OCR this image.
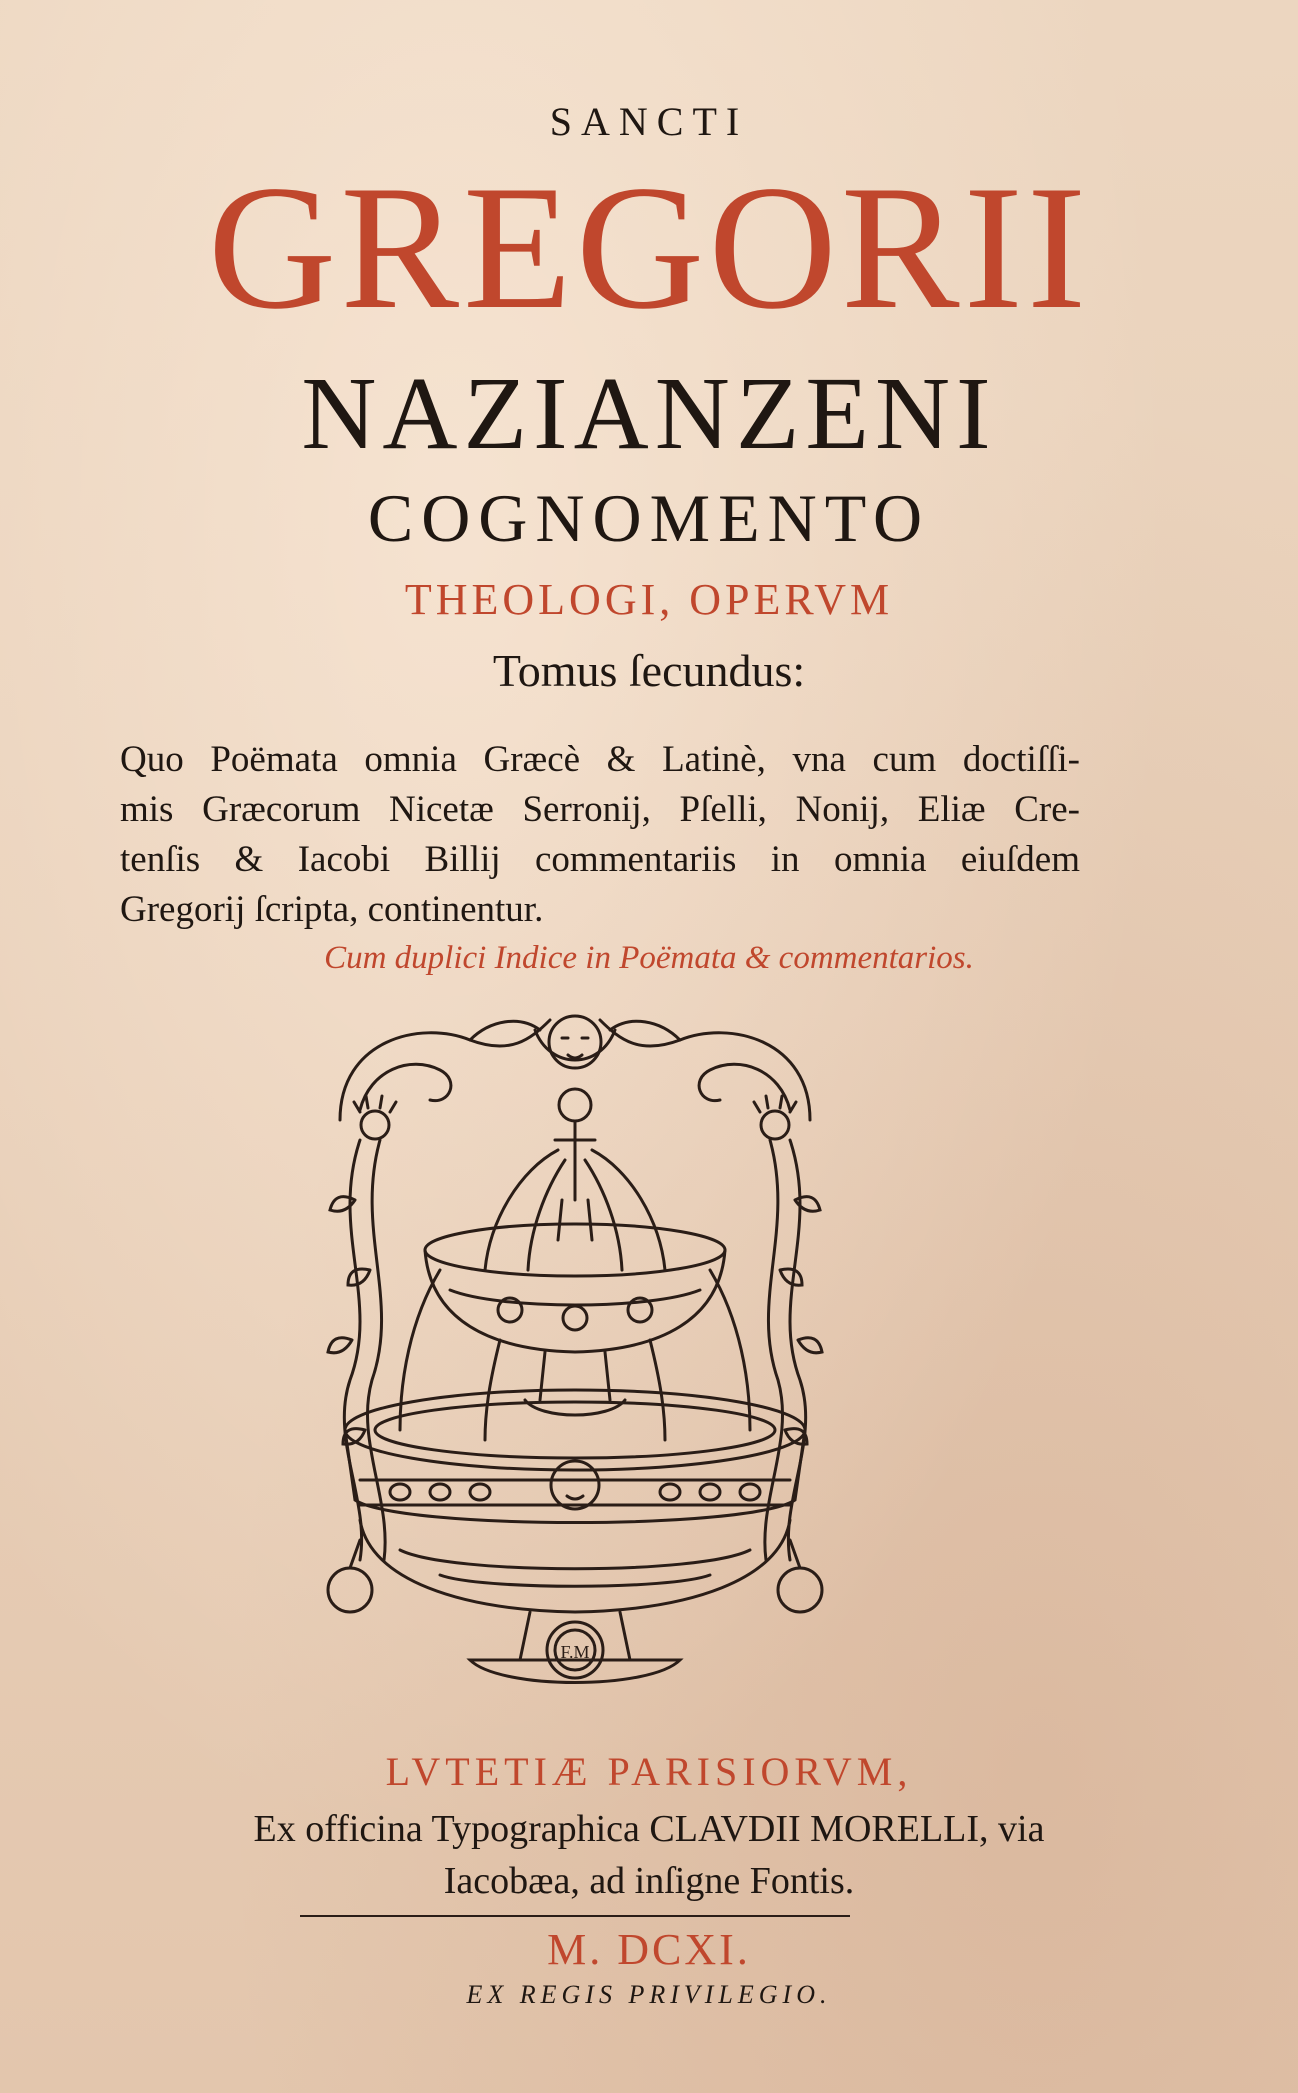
SANCTI
GREGORII
NAZIANZENI
COGNOMENTO
THEOLOGI, OPERVM
Tomus ſecundus:
Quo Poëmata omnia Græcè & Latinè, vna cum doctiſſi-
mis Græcorum Nicetæ Serronij, Pſelli, Nonij, Eliæ Cre-
tenſis & Iacobi Billij commentariis in omnia eiuſdem
Gregorij ſcripta, continentur.
Cum duplici Indice in Poëmata & commentarios.
F.M
LVTETIÆ PARISIORVM,
Ex officina Typographica CLAVDII MORELLI, via
Iacobæa, ad inſigne Fontis.
M. DCXI.
EX REGIS PRIVILEGIO.
